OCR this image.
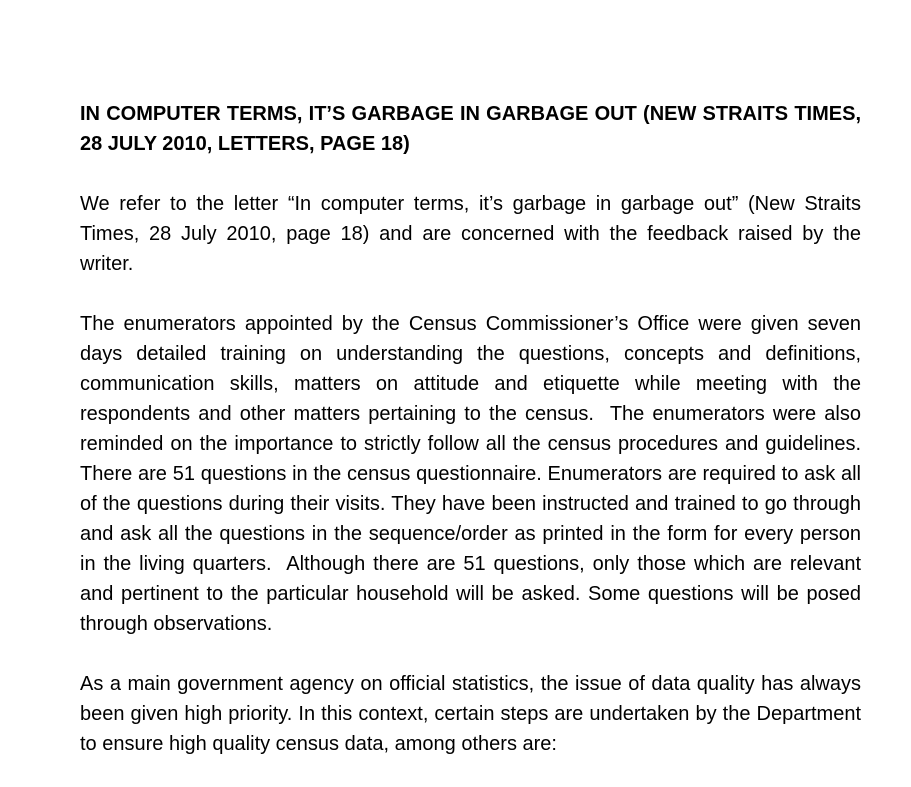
IN COMPUTER TERMS, IT’S GARBAGE IN GARBAGE OUT (NEW STRAITS TIMES,
28 JULY 2010, LETTERS, PAGE 18)
We refer to the letter “In computer terms, it’s garbage in garbage out” (New Straits
Times, 28 July 2010, page 18) and are concerned with the feedback raised by the
writer.
The enumerators appointed by the Census Commissioner’s Office were given seven
days detailed training on understanding the questions, concepts and definitions,
communication skills, matters on attitude and etiquette while meeting with the
respondents and other matters pertaining to the census.  The enumerators were also
reminded on the importance to strictly follow all the census procedures and guidelines.
There are 51 questions in the census questionnaire. Enumerators are required to ask all
of the questions during their visits. They have been instructed and trained to go through
and ask all the questions in the sequence/order as printed in the form for every person
in the living quarters.  Although there are 51 questions, only those which are relevant
and pertinent to the particular household will be asked. Some questions will be posed
through observations.
As a main government agency on official statistics, the issue of data quality has always
been given high priority. In this context, certain steps are undertaken by the Department
to ensure high quality census data, among others are:
